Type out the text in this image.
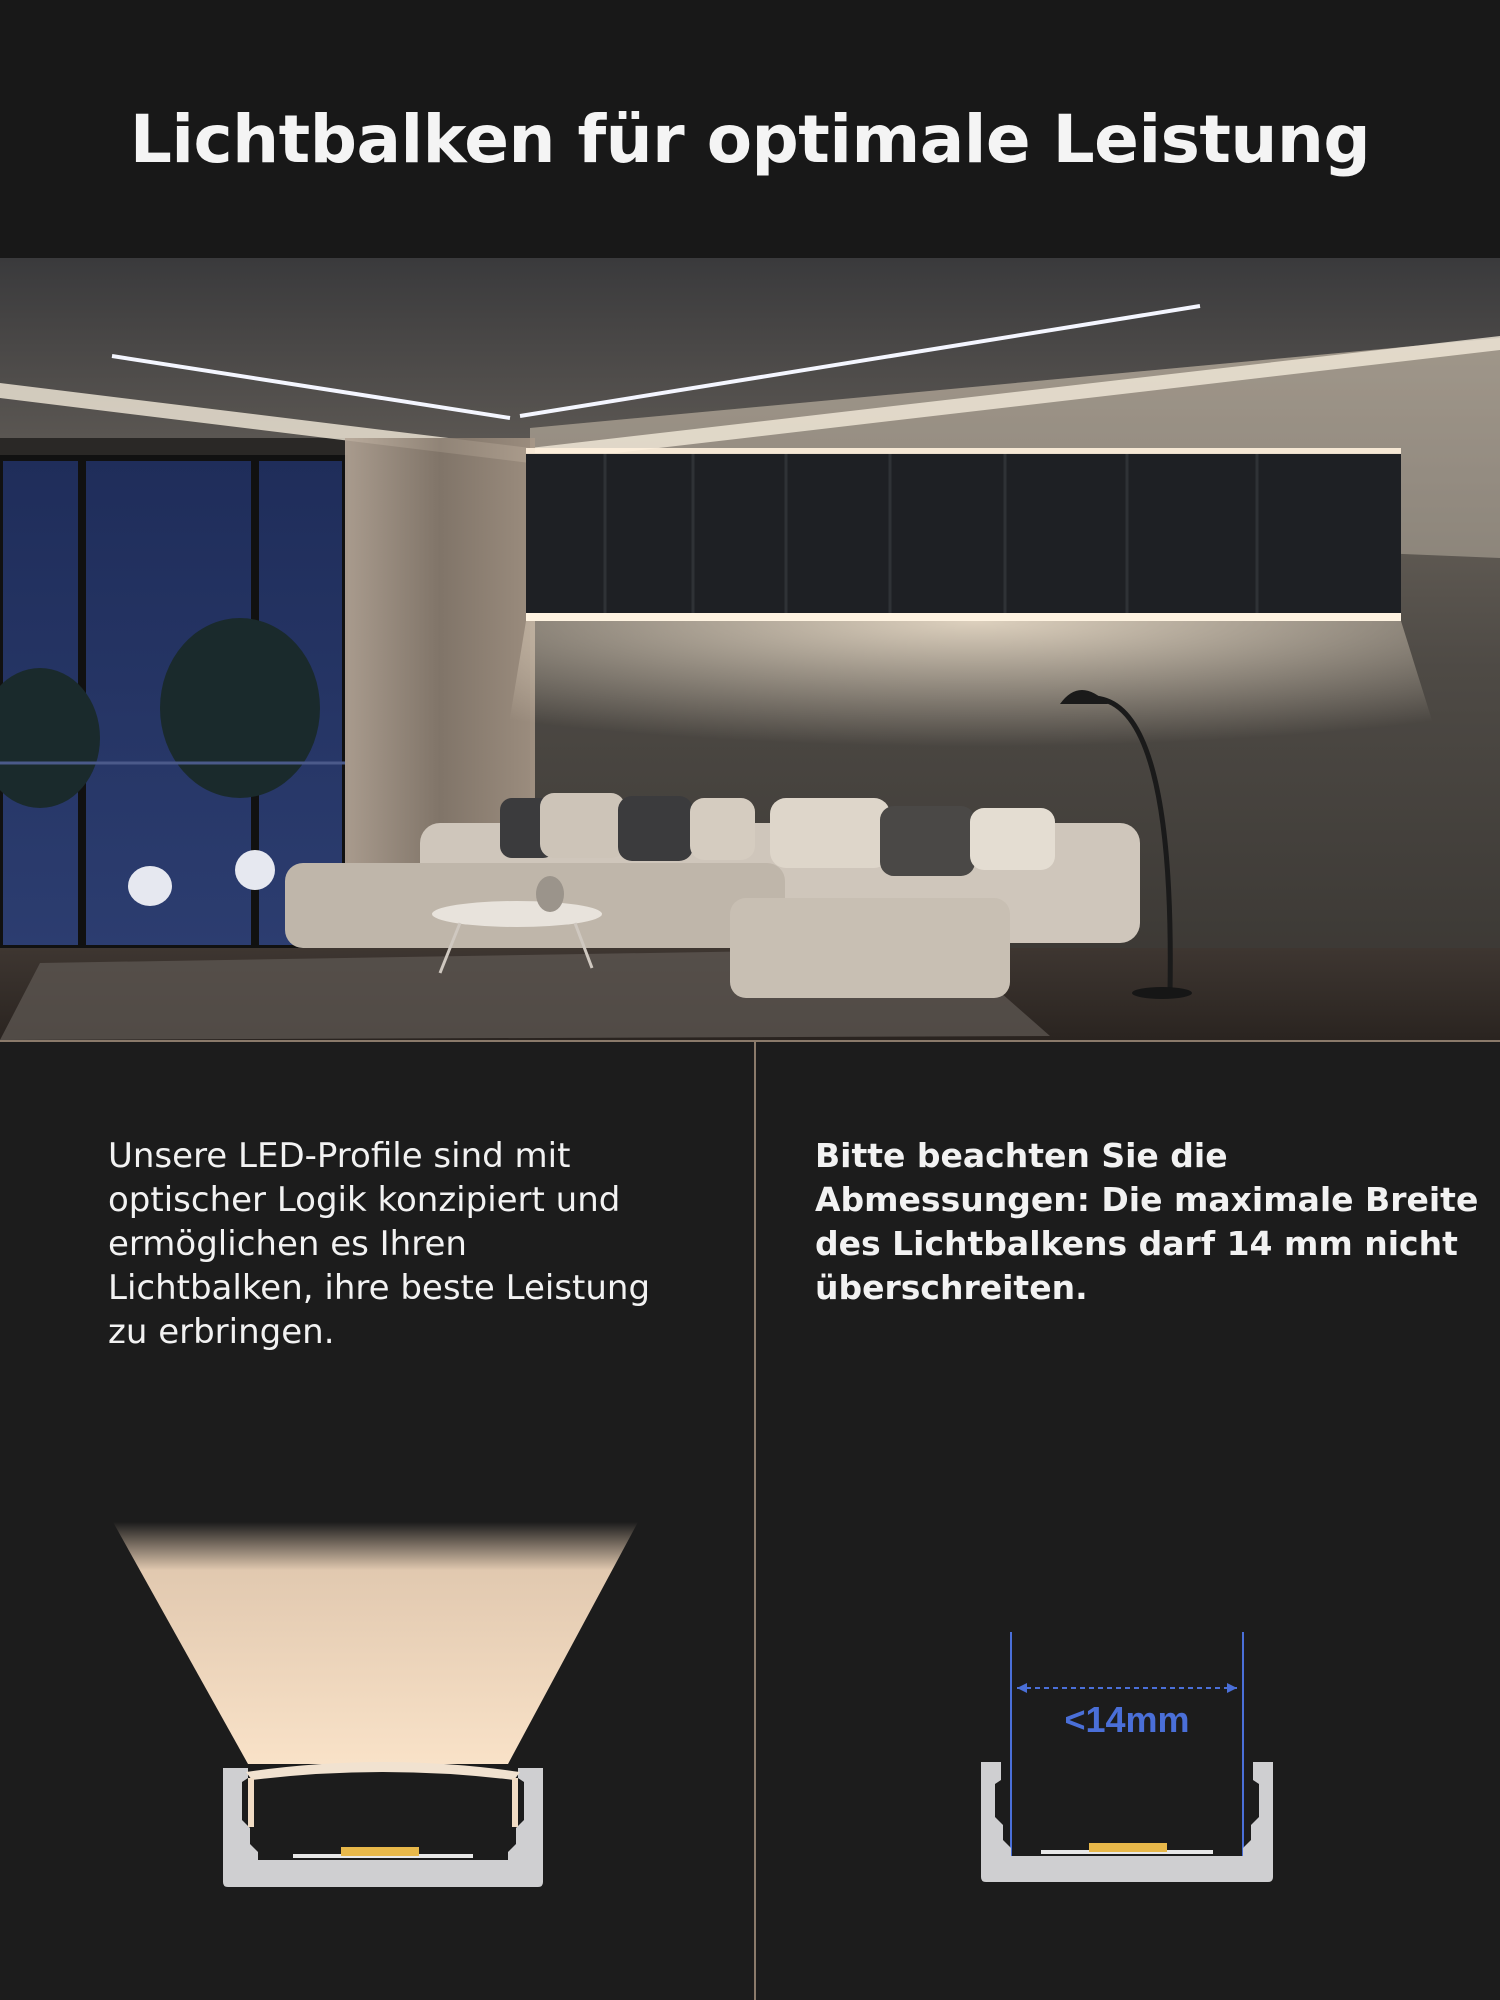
Lichtbalken für optimale Leistung

Unsere LED-Profile sind mit optischer Logik konzipiert und ermöglichen es Ihren Lichtbalken, ihre beste Leistung zu erbringen.

Bitte beachten Sie die Abmessungen: Die maximale Breite des Lichtbalkens darf 14 mm nicht überschreiten.

<14mm
